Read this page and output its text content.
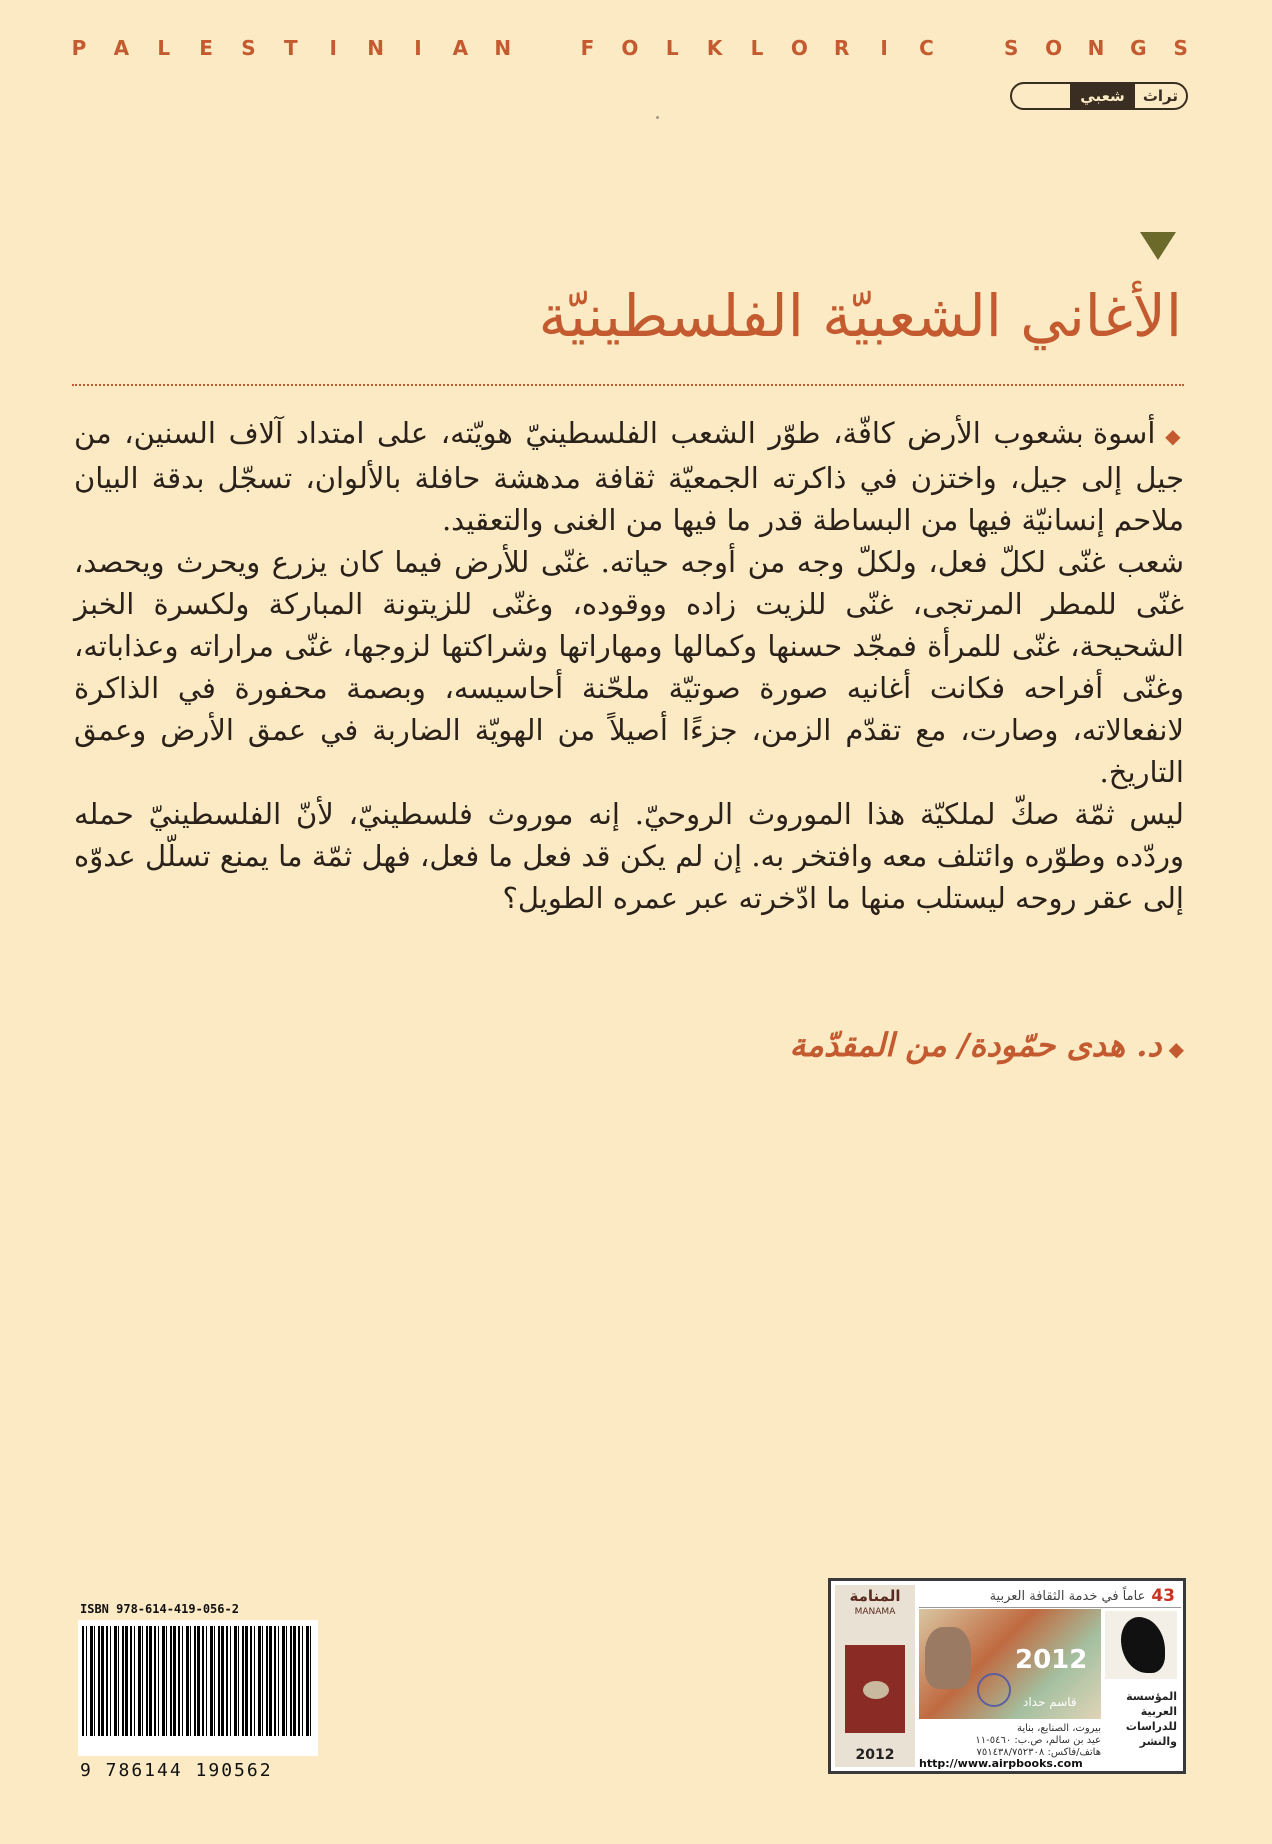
P A L E S T I N I A N	F O L K L O R I C	S O N G S
تراث
شعبي
الأغاني الشعبيّة الفلسطينيّة

◆ أسوة بشعوب الأرض كافّة، طوّر الشعب الفلسطينيّ هويّته، على امتداد آلاف السنين، من جيل إلى جيل، واختزن في ذاكرته الجمعيّة ثقافة مدهشة حافلة بالألوان، تسجّل بدقة البيان ملاحم إنسانيّة فيها من البساطة قدر ما فيها من الغنى والتعقيد.

شعب غنّى لكلّ فعل، ولكلّ وجه من أوجه حياته. غنّى للأرض فيما كان يزرع ويحرث ويحصد، غنّى للمطر المرتجى، غنّى للزيت زاده ووقوده، وغنّى للزيتونة المباركة ولكسرة الخبز الشحيحة، غنّى للمرأة فمجّد حسنها وكمالها ومهاراتها وشراكتها لزوجها، غنّى مراراته وعذاباته، وغنّى أفراحه فكانت أغانيه صورة صوتيّة ملحّنة أحاسيسه، وبصمة محفورة في الذاكرة لانفعالاته، وصارت، مع تقدّم الزمن، جزءًا أصيلاً من الهويّة الضاربة في عمق الأرض وعمق التاريخ.

ليس ثمّة صكّ لملكيّة هذا الموروث الروحيّ. إنه موروث فلسطينيّ، لأنّ الفلسطينيّ حمله وردّده وطوّره وائتلف معه وافتخر به. إن لم يكن قد فعل ما فعل، فهل ثمّة ما يمنع تسلّل عدوّه إلى عقر روحه ليستلب منها ما ادّخرته عبر عمره الطويل؟

◆ د. هدى حمّودة/ من المقدّمة
ISBN 978-614-419-056-2
9 786144 190562
المنامة
MANAMA
2012
43
عاماً في خدمة الثقافة العربية
2012
قاسم حداد	المؤسسة
العربية
للدراسات
والنشر
بيروت، الصنايع، بناية
عيد بن سالم، ص.ب: ٥٤٦٠-١١
هاتف/فاكس: ٧٥١٤٣٨/٧٥٢٣٠٨
http://www.airpbooks.com
